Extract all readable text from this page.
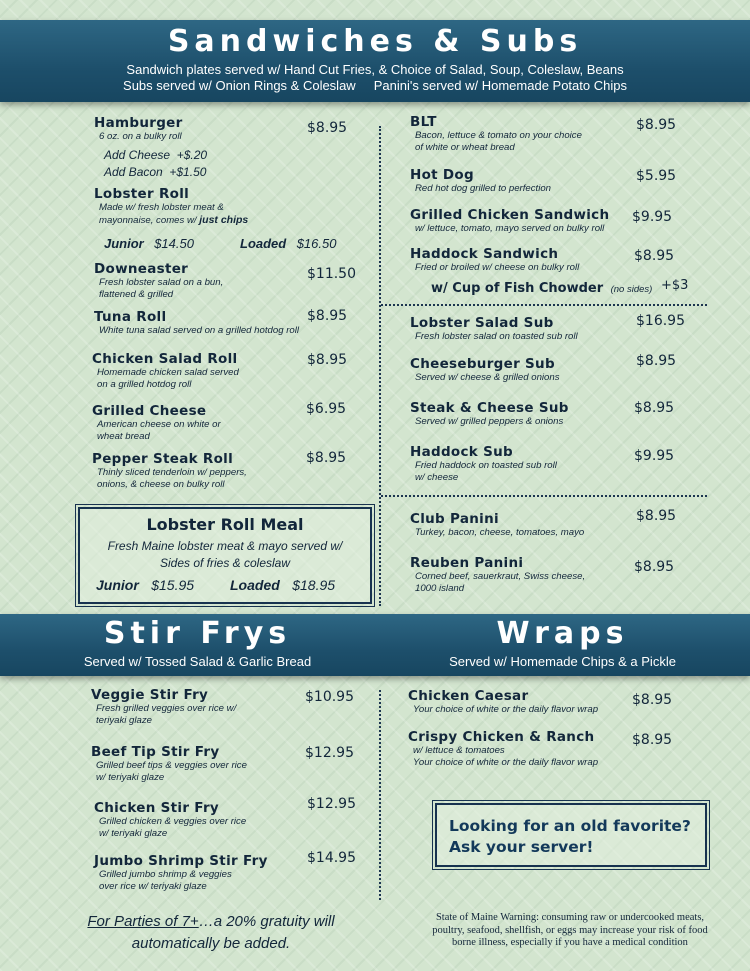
Sandwiches & Subs
Sandwich plates served w/ Hand Cut Fries, & Choice of Salad, Soup, Coleslaw, Beans
Subs served w/ Onion Rings & Coleslaw     Panini's served w/ Homemade Potato Chips
Hamburger
6 oz. on a bulky roll
$8.95
Add Cheese  +$.20
Add Bacon  +$1.50
Lobster Roll
Made w/ fresh lobster meat &
mayonnaise, comes w/ just chips
Junior $14.50	Loaded $16.50
Downeaster
Fresh lobster salad on a bun,
flattened & grilled
$11.50
Tuna Roll
White tuna salad served on a grilled hotdog roll
$8.95
Chicken Salad Roll
Homemade chicken salad served
on a grilled hotdog roll
$8.95
Grilled Cheese
American cheese on white or
wheat bread
$6.95
Pepper Steak Roll
Thinly sliced tenderloin w/ peppers,
onions, & cheese on bulky roll
$8.95
Lobster Roll Meal
Fresh Maine lobster meat & mayo served w/
Sides of fries & coleslaw
Junior $15.95	Loaded $18.95
BLT
Bacon, lettuce & tomato on your choice
of white or wheat bread
$8.95
Hot Dog
Red hot dog grilled to perfection
$5.95
Grilled Chicken Sandwich
w/ lettuce, tomato, mayo served on bulky roll
$9.95
Haddock Sandwich
Fried or broiled w/ cheese on bulky roll
$8.95
w/ Cup of Fish Chowder (no sides) +$3
Lobster Salad Sub
Fresh lobster salad on toasted sub roll
$16.95
Cheeseburger Sub
Served w/ cheese & grilled onions
$8.95
Steak & Cheese Sub
Served w/ grilled peppers & onions
$8.95
Haddock Sub
Fried haddock on toasted sub roll
w/ cheese
$9.95
Club Panini
Turkey, bacon, cheese, tomatoes, mayo
$8.95
Reuben Panini
Corned beef, sauerkraut, Swiss cheese,
1000 island
$8.95
Stir Frys
Served w/ Tossed Salad & Garlic Bread
Wraps
Served w/ Homemade Chips & a Pickle
Veggie Stir Fry
Fresh grilled veggies over rice w/
teriyaki glaze
$10.95
Beef Tip Stir Fry
Grilled beef tips & veggies over rice
w/ teriyaki glaze
$12.95
Chicken Stir Fry
Grilled chicken & veggies over rice
w/ teriyaki glaze
$12.95
Jumbo Shrimp Stir Fry
Grilled jumbo shrimp & veggies
over rice w/ teriyaki glaze
$14.95
Chicken Caesar
Your choice of white or the daily flavor wrap
$8.95
Crispy Chicken & Ranch
w/ lettuce & tomatoes
Your choice of white or the daily flavor wrap
$8.95
Looking for an old favorite?
Ask your server!
For Parties of 7+…a 20% gratuity will
automatically be added.
State of Maine Warning: consuming raw or undercooked meats,
poultry, seafood, shellfish, or eggs may increase your risk of food
borne illness, especially if you have a medical condition
